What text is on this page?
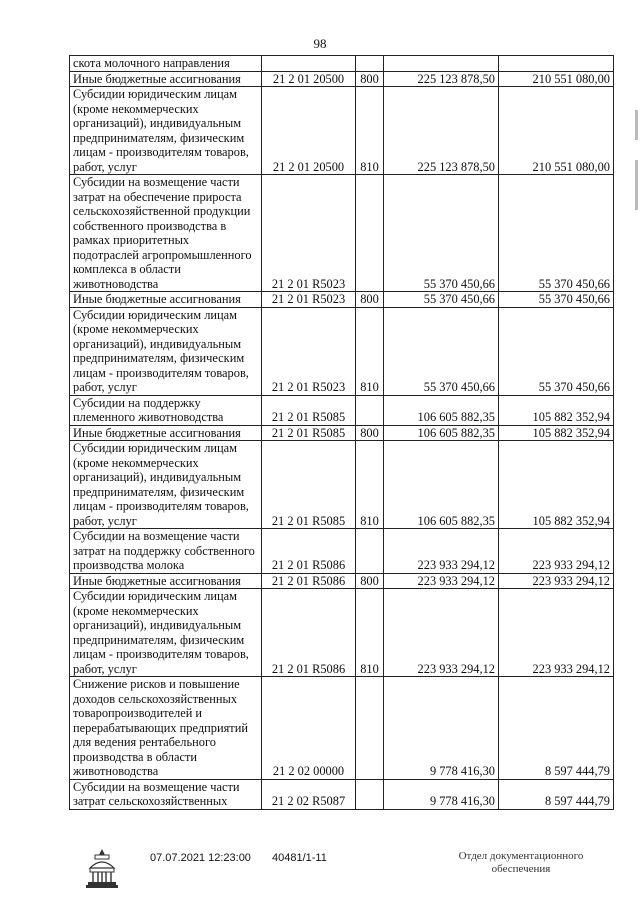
98
скота молочного направления				
Иные бюджетные ассигнования	21 2 01 20500	800	225 123 878,50	210 551 080,00
Субсидии юридическим лицам (кроме некоммерческих организаций), индивидуальным предпринимателям, физическим лицам - производителям товаров, работ, услуг	21 2 01 20500	810	225 123 878,50	210 551 080,00
Субсидии на возмещение части затрат на обеспечение прироста сельскохозяйственной продукции собственного производства в рамках приоритетных подотраслей агропромышленного комплекса в области животноводства	21 2 01 R5023		55 370 450,66	55 370 450,66
Иные бюджетные ассигнования	21 2 01 R5023	800	55 370 450,66	55 370 450,66
Субсидии юридическим лицам (кроме некоммерческих организаций), индивидуальным предпринимателям, физическим лицам - производителям товаров, работ, услуг	21 2 01 R5023	810	55 370 450,66	55 370 450,66
Субсидии на поддержку племенного животноводства	21 2 01 R5085		106 605 882,35	105 882 352,94
Иные бюджетные ассигнования	21 2 01 R5085	800	106 605 882,35	105 882 352,94
Субсидии юридическим лицам (кроме некоммерческих организаций), индивидуальным предпринимателям, физическим лицам - производителям товаров, работ, услуг	21 2 01 R5085	810	106 605 882,35	105 882 352,94
Субсидии на возмещение части затрат на поддержку собственного производства молока	21 2 01 R5086		223 933 294,12	223 933 294,12
Иные бюджетные ассигнования	21 2 01 R5086	800	223 933 294,12	223 933 294,12
Субсидии юридическим лицам (кроме некоммерческих организаций), индивидуальным предпринимателям, физическим лицам - производителям товаров, работ, услуг	21 2 01 R5086	810	223 933 294,12	223 933 294,12
Снижение рисков и повышение доходов сельскохозяйственных товаропроизводителей и перерабатывающих предприятий для ведения рентабельного производства в области животноводства	21 2 02 00000		9 778 416,30	8 597 444,79
Субсидии на возмещение части затрат сельскохозяйственных	21 2 02 R5087		9 778 416,30	8 597 444,79
07.07.2021 12:23:00 40481/1-11	Отдел документационного
обеспечения
